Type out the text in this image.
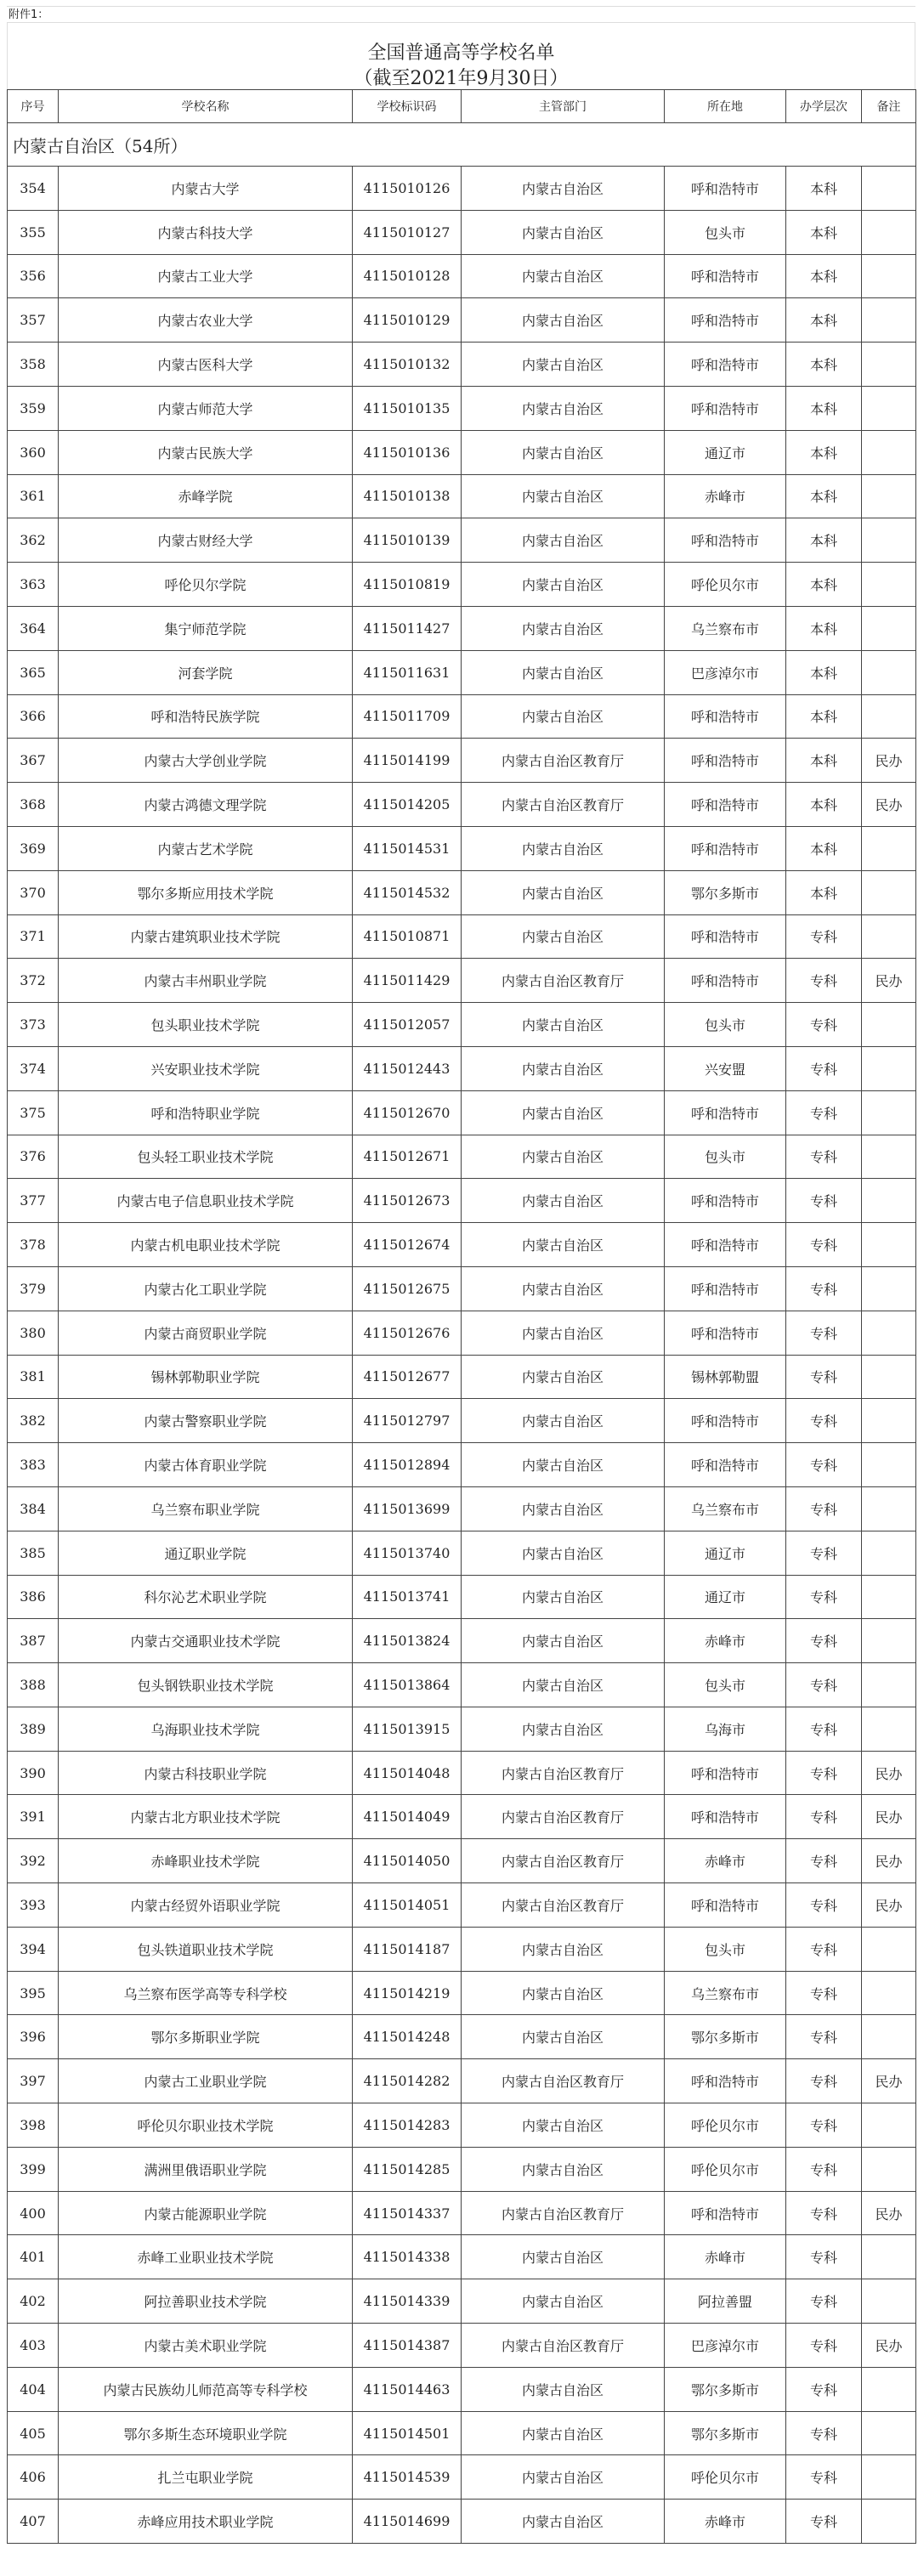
附件1：
全国普通高等学校名单
（截至2021年9月30日）
序号	学校名称	学校标识码	主管部门	所在地	办学层次	备注
内蒙古自治区（54所）						
354	内蒙古大学	4115010126	内蒙古自治区	呼和浩特市	本科	
355	内蒙古科技大学	4115010127	内蒙古自治区	包头市	本科	
356	内蒙古工业大学	4115010128	内蒙古自治区	呼和浩特市	本科	
357	内蒙古农业大学	4115010129	内蒙古自治区	呼和浩特市	本科	
358	内蒙古医科大学	4115010132	内蒙古自治区	呼和浩特市	本科	
359	内蒙古师范大学	4115010135	内蒙古自治区	呼和浩特市	本科	
360	内蒙古民族大学	4115010136	内蒙古自治区	通辽市	本科	
361	赤峰学院	4115010138	内蒙古自治区	赤峰市	本科	
362	内蒙古财经大学	4115010139	内蒙古自治区	呼和浩特市	本科	
363	呼伦贝尔学院	4115010819	内蒙古自治区	呼伦贝尔市	本科	
364	集宁师范学院	4115011427	内蒙古自治区	乌兰察布市	本科	
365	河套学院	4115011631	内蒙古自治区	巴彦淖尔市	本科	
366	呼和浩特民族学院	4115011709	内蒙古自治区	呼和浩特市	本科	
367	内蒙古大学创业学院	4115014199	内蒙古自治区教育厅	呼和浩特市	本科	民办
368	内蒙古鸿德文理学院	4115014205	内蒙古自治区教育厅	呼和浩特市	本科	民办
369	内蒙古艺术学院	4115014531	内蒙古自治区	呼和浩特市	本科	
370	鄂尔多斯应用技术学院	4115014532	内蒙古自治区	鄂尔多斯市	本科	
371	内蒙古建筑职业技术学院	4115010871	内蒙古自治区	呼和浩特市	专科	
372	内蒙古丰州职业学院	4115011429	内蒙古自治区教育厅	呼和浩特市	专科	民办
373	包头职业技术学院	4115012057	内蒙古自治区	包头市	专科	
374	兴安职业技术学院	4115012443	内蒙古自治区	兴安盟	专科	
375	呼和浩特职业学院	4115012670	内蒙古自治区	呼和浩特市	专科	
376	包头轻工职业技术学院	4115012671	内蒙古自治区	包头市	专科	
377	内蒙古电子信息职业技术学院	4115012673	内蒙古自治区	呼和浩特市	专科	
378	内蒙古机电职业技术学院	4115012674	内蒙古自治区	呼和浩特市	专科	
379	内蒙古化工职业学院	4115012675	内蒙古自治区	呼和浩特市	专科	
380	内蒙古商贸职业学院	4115012676	内蒙古自治区	呼和浩特市	专科	
381	锡林郭勒职业学院	4115012677	内蒙古自治区	锡林郭勒盟	专科	
382	内蒙古警察职业学院	4115012797	内蒙古自治区	呼和浩特市	专科	
383	内蒙古体育职业学院	4115012894	内蒙古自治区	呼和浩特市	专科	
384	乌兰察布职业学院	4115013699	内蒙古自治区	乌兰察布市	专科	
385	通辽职业学院	4115013740	内蒙古自治区	通辽市	专科	
386	科尔沁艺术职业学院	4115013741	内蒙古自治区	通辽市	专科	
387	内蒙古交通职业技术学院	4115013824	内蒙古自治区	赤峰市	专科	
388	包头钢铁职业技术学院	4115013864	内蒙古自治区	包头市	专科	
389	乌海职业技术学院	4115013915	内蒙古自治区	乌海市	专科	
390	内蒙古科技职业学院	4115014048	内蒙古自治区教育厅	呼和浩特市	专科	民办
391	内蒙古北方职业技术学院	4115014049	内蒙古自治区教育厅	呼和浩特市	专科	民办
392	赤峰职业技术学院	4115014050	内蒙古自治区教育厅	赤峰市	专科	民办
393	内蒙古经贸外语职业学院	4115014051	内蒙古自治区教育厅	呼和浩特市	专科	民办
394	包头铁道职业技术学院	4115014187	内蒙古自治区	包头市	专科	
395	乌兰察布医学高等专科学校	4115014219	内蒙古自治区	乌兰察布市	专科	
396	鄂尔多斯职业学院	4115014248	内蒙古自治区	鄂尔多斯市	专科	
397	内蒙古工业职业学院	4115014282	内蒙古自治区教育厅	呼和浩特市	专科	民办
398	呼伦贝尔职业技术学院	4115014283	内蒙古自治区	呼伦贝尔市	专科	
399	满洲里俄语职业学院	4115014285	内蒙古自治区	呼伦贝尔市	专科	
400	内蒙古能源职业学院	4115014337	内蒙古自治区教育厅	呼和浩特市	专科	民办
401	赤峰工业职业技术学院	4115014338	内蒙古自治区	赤峰市	专科	
402	阿拉善职业技术学院	4115014339	内蒙古自治区	阿拉善盟	专科	
403	内蒙古美术职业学院	4115014387	内蒙古自治区教育厅	巴彦淖尔市	专科	民办
404	内蒙古民族幼儿师范高等专科学校	4115014463	内蒙古自治区	鄂尔多斯市	专科	
405	鄂尔多斯生态环境职业学院	4115014501	内蒙古自治区	鄂尔多斯市	专科	
406	扎兰屯职业学院	4115014539	内蒙古自治区	呼伦贝尔市	专科	
407	赤峰应用技术职业学院	4115014699	内蒙古自治区	赤峰市	专科	
